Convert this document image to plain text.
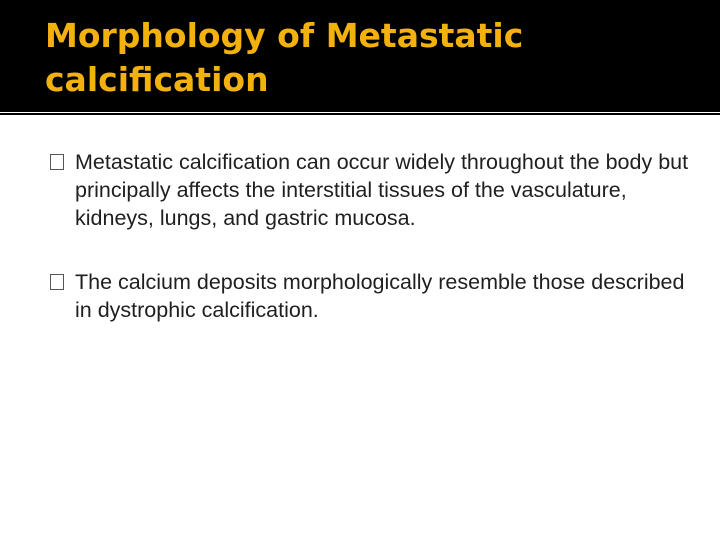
Morphology of Metastatic calcification
Metastatic calcification can occur widely throughout the body but principally affects the interstitial tissues of the vasculature, kidneys, lungs, and gastric mucosa.
The calcium deposits morphologically resemble those described in dystrophic calcification.
